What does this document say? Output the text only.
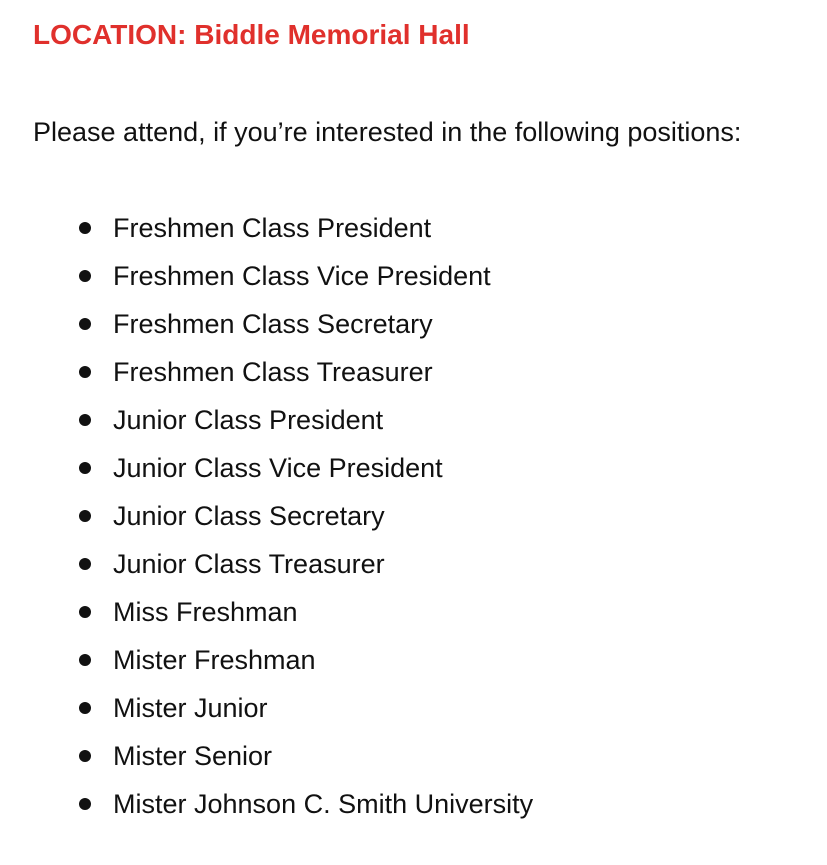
LOCATION: Biddle Memorial Hall

Please attend, if you’re interested in the following positions:

Freshmen Class President
Freshmen Class Vice President
Freshmen Class Secretary
Freshmen Class Treasurer
Junior Class President
Junior Class Vice President
Junior Class Secretary
Junior Class Treasurer
Miss Freshman
Mister Freshman
Mister Junior
Mister Senior
Mister Johnson C. Smith University
